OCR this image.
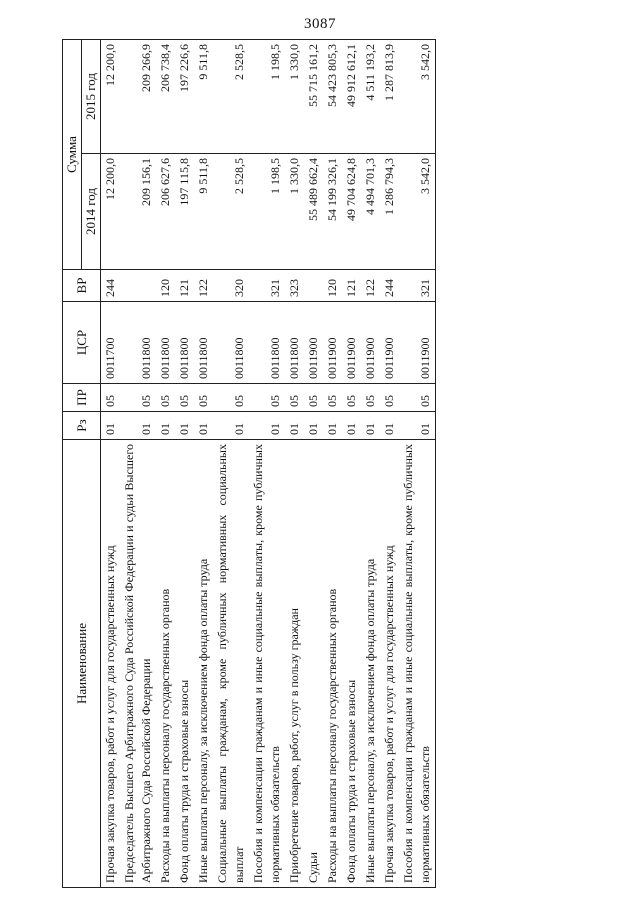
3087
Наименование	Рз	ПР	ЦСР	ВР	Сумма	
					2014 год	2015 год
Прочая закупка товаров, работ и услуг для государственных нужд	01	05	0011700	244	12 200,0	12 200,0
Председатель Высшего Арбитражного Суда Российской Федерации и судьи Высшего Арбитражного Суда Российской Федерации	01	05	0011800		209 156,1	209 266,9
Расходы на выплаты персоналу государственных органов	01	05	0011800	120	206 627,6	206 738,4
Фонд оплаты труда и страховые взносы	01	05	0011800	121	197 115,8	197 226,6
Иные выплаты персоналу, за исключением фонда оплаты труда	01	05	0011800	122	9 511,8	9 511,8
Социальные выплаты гражданам, кроме публичных нормативных социальных выплат	01	05	0011800	320	2 528,5	2 528,5
Пособия и компенсации гражданам и иные социальные выплаты, кроме публичных нормативных обязательств	01	05	0011800	321	1 198,5	1 198,5
Приобретение товаров, работ, услуг в пользу граждан	01	05	0011800	323	1 330,0	1 330,0
Судьи	01	05	0011900		55 489 662,4	55 715 161,2
Расходы на выплаты персоналу государственных органов	01	05	0011900	120	54 199 326,1	54 423 805,3
Фонд оплаты труда и страховые взносы	01	05	0011900	121	49 704 624,8	49 912 612,1
Иные выплаты персоналу, за исключением фонда оплаты труда	01	05	0011900	122	4 494 701,3	4 511 193,2
Прочая закупка товаров, работ и услуг для государственных нужд	01	05	0011900	244	1 286 794,3	1 287 813,9
Пособия и компенсации гражданам и иные социальные выплаты, кроме публичных нормативных обязательств	01	05	0011900	321	3 542,0	3 542,0
